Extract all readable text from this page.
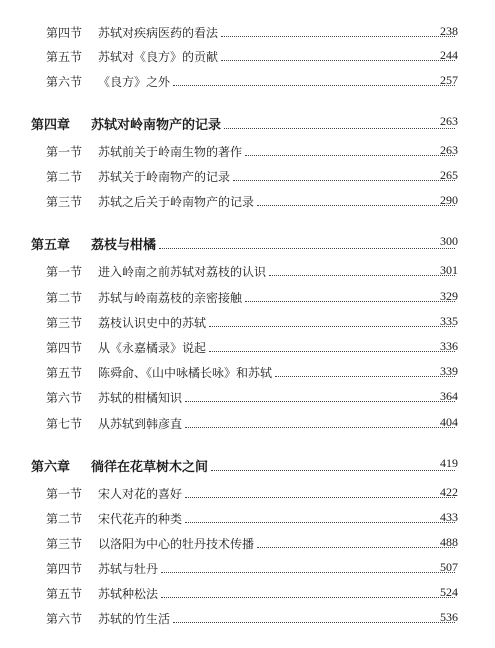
第四节 苏轼对疾病医药的看法	238
第五节 苏轼对《良方》的贡献	244
第六节 《良方》之外	257
第四章 苏轼对岭南物产的记录	263
第一节 苏轼前关于岭南生物的著作	263
第二节 苏轼关于岭南物产的记录	265
第三节 苏轼之后关于岭南物产的记录	290
第五章 荔枝与柑橘	300
第一节 进入岭南之前苏轼对荔枝的认识	301
第二节 苏轼与岭南荔枝的亲密接触	329
第三节 荔枝认识史中的苏轼	335
第四节 从《永嘉橘录》说起	336
第五节 陈舜俞、《山中咏橘长咏》和苏轼	339
第六节 苏轼的柑橘知识	364
第七节 从苏轼到韩彦直	404
第六章 徜徉在花草树木之间	419
第一节 宋人对花的喜好	422
第二节 宋代花卉的种类	433
第三节 以洛阳为中心的牡丹技术传播	488
第四节 苏轼与牡丹	507
第五节 苏轼种松法	524
第六节 苏轼的竹生活	536
